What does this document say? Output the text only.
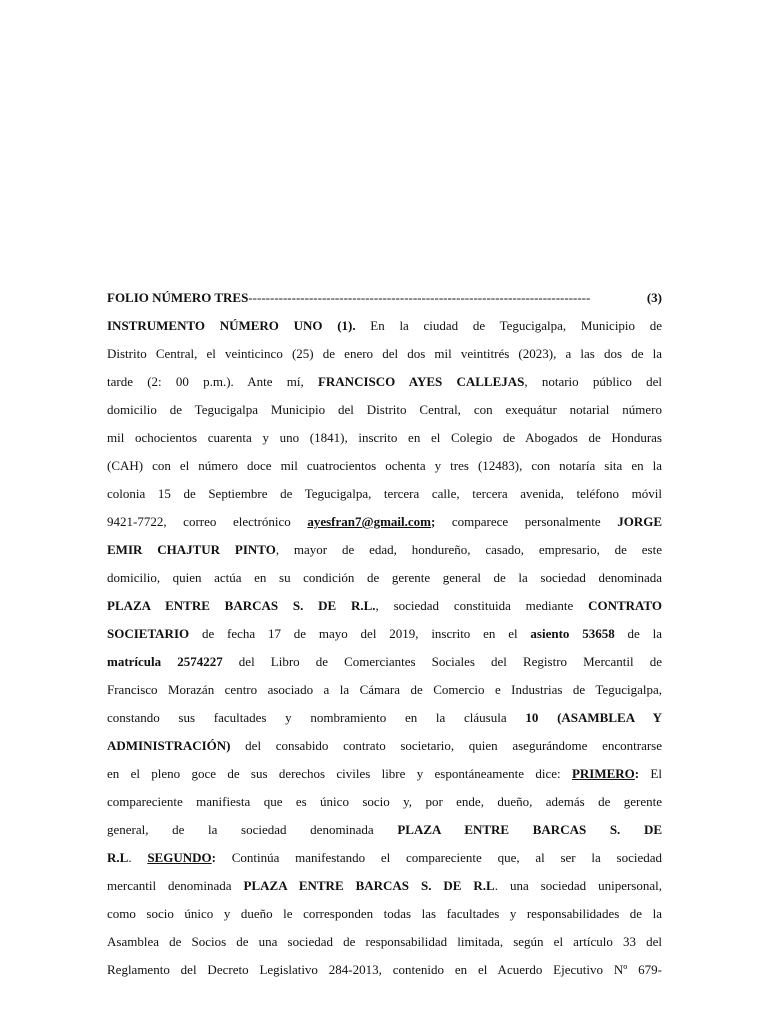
FOLIO NÚMERO TRES -------------------------------------------------------------------------------	(3)
INSTRUMENTO NÚMERO UNO (1). En la ciudad de Tegucigalpa, Municipio de
Distrito Central, el veinticinco (25) de enero del dos mil veintitrés (2023), a las dos de la
tarde (2: 00 p.m.). Ante mí, FRANCISCO AYES CALLEJAS, notario público del
domicilio de Tegucigalpa Municipio del Distrito Central, con exequátur notarial número
mil ochocientos cuarenta y uno (1841), inscrito en el Colegio de Abogados de Honduras
(CAH) con el número doce mil cuatrocientos ochenta y tres (12483), con notaría sita en la
colonia 15 de Septiembre de Tegucigalpa, tercera calle, tercera avenida, teléfono móvil
9421-7722, correo electrónico ayesfran7@gmail.com; comparece personalmente JORGE
EMIR CHAJTUR PINTO, mayor de edad, hondureño, casado, empresario, de este
domicilio, quien actúa en su condición de gerente general de la sociedad denominada
PLAZA ENTRE BARCAS S. DE R.L., sociedad constituida mediante CONTRATO
SOCIETARIO de fecha 17 de mayo del 2019, inscrito en el asiento 53658 de la
matrícula 2574227 del Libro de Comerciantes Sociales del Registro Mercantil de
Francisco Morazán centro asociado a la Cámara de Comercio e Industrias de Tegucigalpa,
constando sus facultades y nombramiento en la cláusula 10 (ASAMBLEA Y
ADMINISTRACIÓN) del consabido contrato societario, quien asegurándome encontrarse
en el pleno goce de sus derechos civiles libre y espontáneamente dice: PRIMERO: El
compareciente manifiesta que es único socio y, por ende, dueño, además de gerente
general, de la sociedad denominada PLAZA ENTRE BARCAS S. DE
R.L. SEGUNDO: Continúa manifestando el compareciente que, al ser la sociedad
mercantil denominada PLAZA ENTRE BARCAS S. DE R.L. una sociedad unipersonal,
como socio único y dueño le corresponden todas las facultades y responsabilidades de la
Asamblea de Socios de una sociedad de responsabilidad limitada, según el artículo 33 del
Reglamento del Decreto Legislativo 284-2013, contenido en el Acuerdo Ejecutivo Nº 679-
